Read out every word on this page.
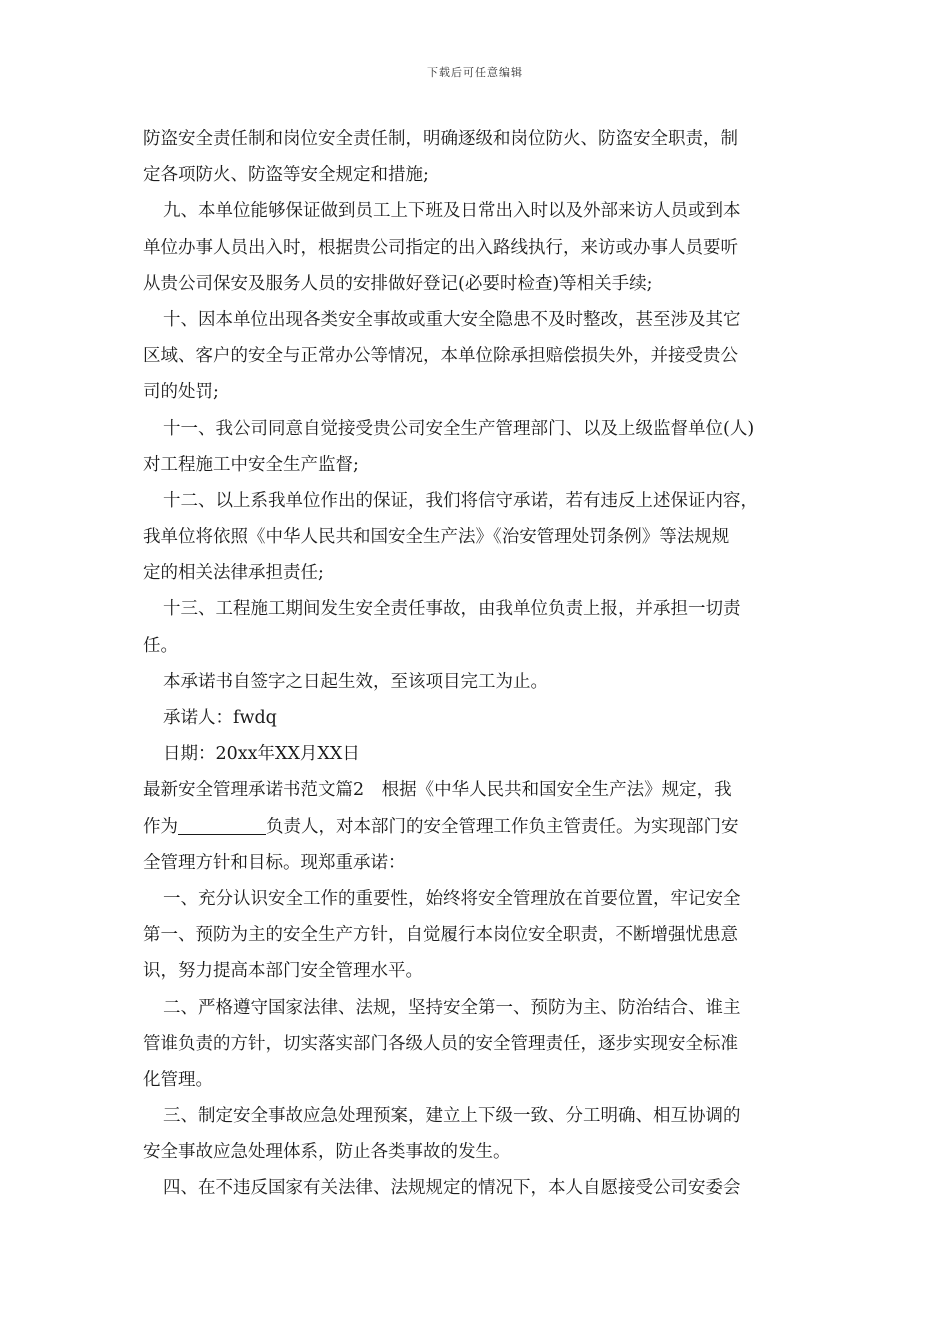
下载后可任意编辑
防盗安全责任制和岗位安全责任制，明确逐级和岗位防火、防盗安全职责，制
定各项防火、防盗等安全规定和措施;
九、本单位能够保证做到员工上下班及日常出入时以及外部来访人员或到本
单位办事人员出入时，根据贵公司指定的出入路线执行，来访或办事人员要听
从贵公司保安及服务人员的安排做好登记(必要时检查)等相关手续;
十、因本单位出现各类安全事故或重大安全隐患不及时整改，甚至涉及其它
区域、客户的安全与正常办公等情况，本单位除承担赔偿损失外，并接受贵公
司的处罚;
十一、我公司同意自觉接受贵公司安全生产管理部门、以及上级监督单位(人)
对工程施工中安全生产监督;
十二、以上系我单位作出的保证，我们将信守承诺，若有违反上述保证内容，
我单位将依照《中华人民共和国安全生产法》《治安管理处罚条例》等法规规
定的相关法律承担责任;
十三、工程施工期间发生安全责任事故，由我单位负责上报，并承担一切责
任。
本承诺书自签字之日起生效，至该项目完工为止。
承诺人：fwdq
日期：20xx年XX月XX日
最新安全管理承诺书范文篇2　根据《中华人民共和国安全生产法》规定，我
作为	负责人，对本部门的安全管理工作负主管责任。为实现部门安
全管理方针和目标。现郑重承诺：
一、充分认识安全工作的重要性，始终将安全管理放在首要位置，牢记安全
第一、预防为主的安全生产方针，自觉履行本岗位安全职责，不断增强忧患意
识，努力提高本部门安全管理水平。
二、严格遵守国家法律、法规，坚持安全第一、预防为主、防治结合、谁主
管谁负责的方针，切实落实部门各级人员的安全管理责任，逐步实现安全标准
化管理。
三、制定安全事故应急处理预案，建立上下级一致、分工明确、相互协调的
安全事故应急处理体系，防止各类事故的发生。
四、在不违反国家有关法律、法规规定的情况下，本人自愿接受公司安委会
